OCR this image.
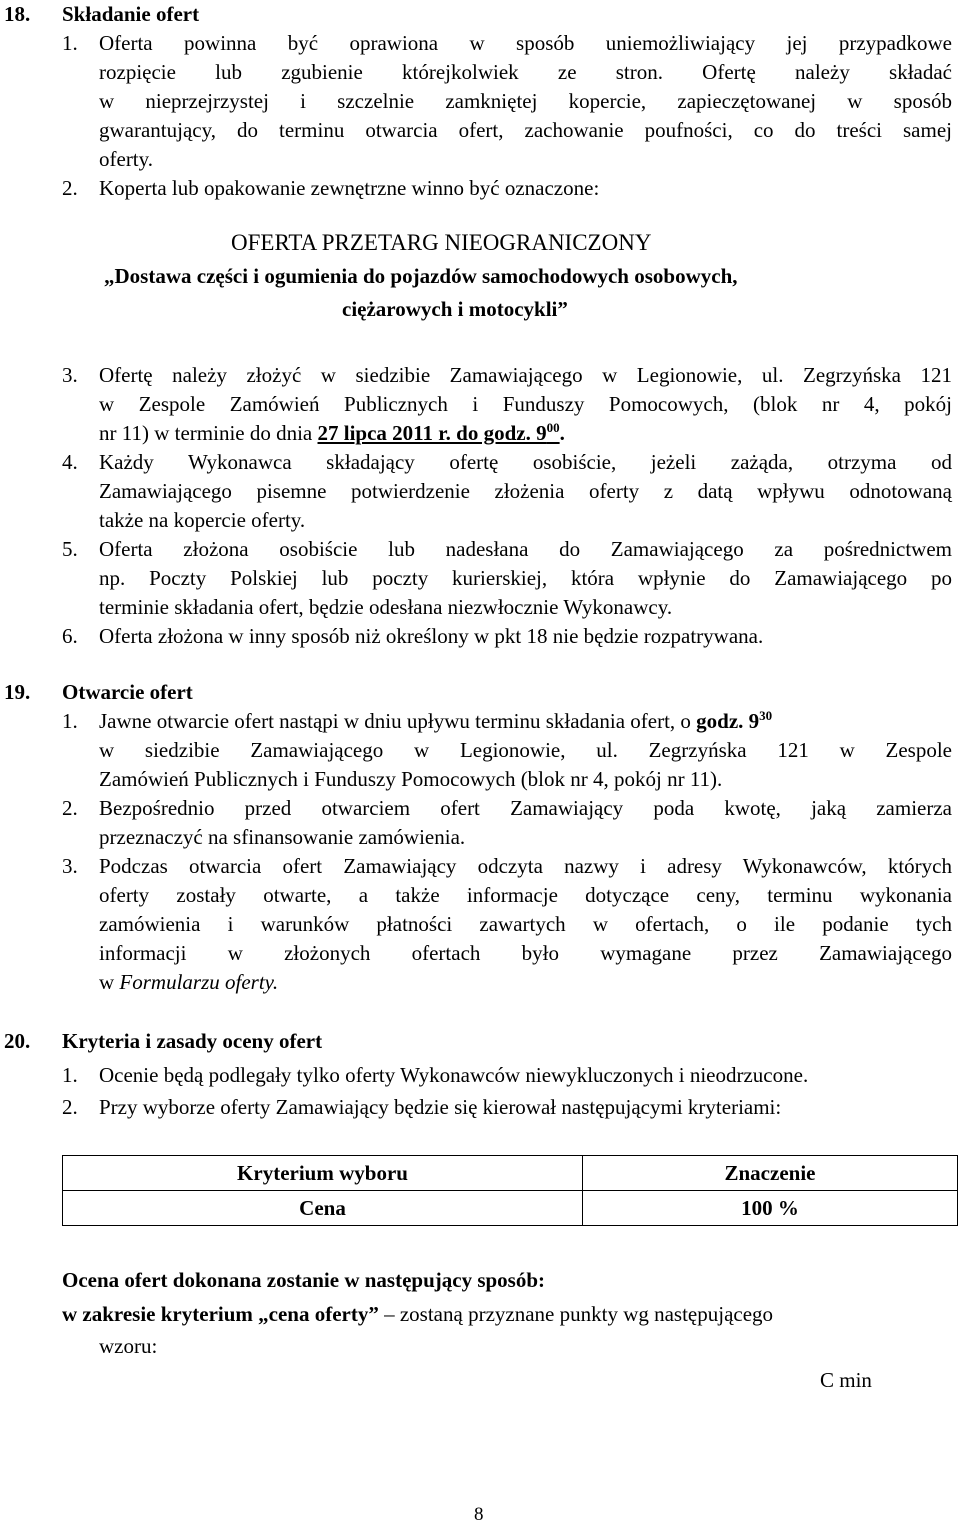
18. Składanie ofert
1. Oferta powinna być oprawiona w sposób uniemożliwiający jej przypadkowe
rozpięcie lub zgubienie którejkolwiek ze stron. Ofertę należy składać
w nieprzejrzystej i szczelnie zamkniętej kopercie, zapieczętowanej w sposób
gwarantujący, do terminu otwarcia ofert, zachowanie poufności, co do treści samej
oferty.
2. Koperta lub opakowanie zewnętrzne winno być oznaczone:
OFERTA PRZETARG NIEOGRANICZONY
„Dostawa części i ogumienia do pojazdów samochodowych osobowych,
ciężarowych i motocykli”
3. Ofertę należy złożyć w siedzibie Zamawiającego w Legionowie, ul. Zegrzyńska 121
w Zespole Zamówień Publicznych i Funduszy Pomocowych, (blok nr 4, pokój
nr 11) w terminie do dnia 27 lipca 2011 r. do godz. $9^{00}$.
4. Każdy Wykonawca składający ofertę osobiście, jeżeli zażąda, otrzyma od
Zamawiającego pisemne potwierdzenie złożenia oferty z datą wpływu odnotowaną
także na kopercie oferty.
5. Oferta złożona osobiście lub nadesłana do Zamawiającego za pośrednictwem
np. Poczty Polskiej lub poczty kurierskiej, która wpłynie do Zamawiającego po
terminie składania ofert, będzie odesłana niezwłocznie Wykonawcy.
6. Oferta złożona w inny sposób niż określony w pkt 18 nie będzie rozpatrywana.
19. Otwarcie ofert
1. Jawne otwarcie ofert nastąpi w dniu upływu terminu składania ofert, o godz. $9^{30}$
w siedzibie Zamawiającego w Legionowie, ul. Zegrzyńska 121 w Zespole
Zamówień Publicznych i Funduszy Pomocowych (blok nr 4, pokój nr 11).
2. Bezpośrednio przed otwarciem ofert Zamawiający poda kwotę, jaką zamierza
przeznaczyć na sfinansowanie zamówienia.
3. Podczas otwarcia ofert Zamawiający odczyta nazwy i adresy Wykonawców, których
oferty zostały otwarte, a także informacje dotyczące ceny, terminu wykonania
zamówienia i warunków płatności zawartych w ofertach, o ile podanie tych
informacji w złożonych ofertach było wymagane przez Zamawiającego
w Formularzu oferty.
20. Kryteria i zasady oceny ofert
1. Ocenie będą podlegały tylko oferty Wykonawców niewykluczonych i nieodrzucone.
2. Przy wyborze oferty Zamawiający będzie się kierował następującymi kryteriami:
Kryterium wyboru	Znaczenie
Cena	100 %
Ocena ofert dokonana zostanie w następujący sposób:
w zakresie kryterium „cena oferty” – zostaną przyznane punkty wg następującego
wzoru:
C min
8
